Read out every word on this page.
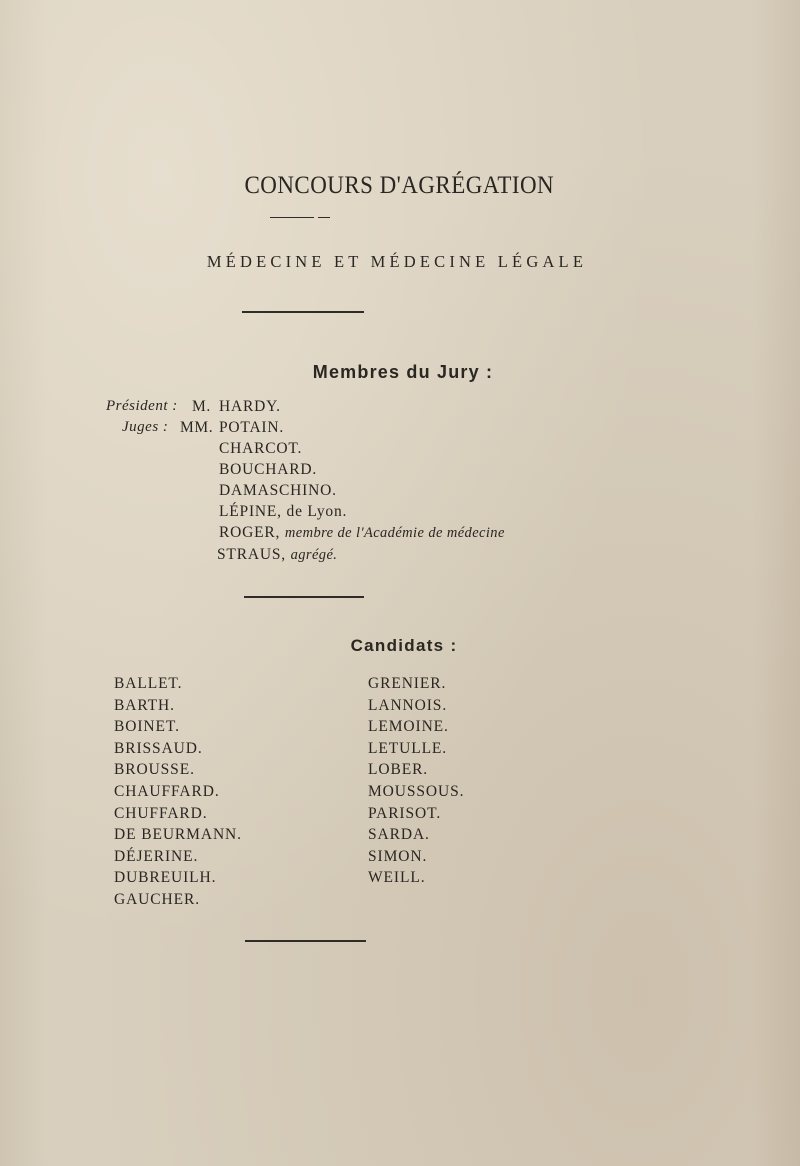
CONCOURS D'AGRÉGATION
MÉDECINE ET MÉDECINE LÉGALE
Membres du Jury :
Président : M. HARDY.
Juges : MM. POTAIN.
CHARCOT.
BOUCHARD.
DAMASCHINO.
LÉPINE, de Lyon.
ROGER, membre de l'Académie de médecine
STRAUS, agrégé.
Candidats :
BALLET.
BARTH.
BOINET.
BRISSAUD.
BROUSSE.
CHAUFFARD.
CHUFFARD.
DE BEURMANN.
DÉJERINE.
DUBREUILH.
GAUCHER.
GRENIER.
LANNOIS.
LEMOINE.
LETULLE.
LOBER.
MOUSSOUS.
PARISOT.
SARDA.
SIMON.
WEILL.
